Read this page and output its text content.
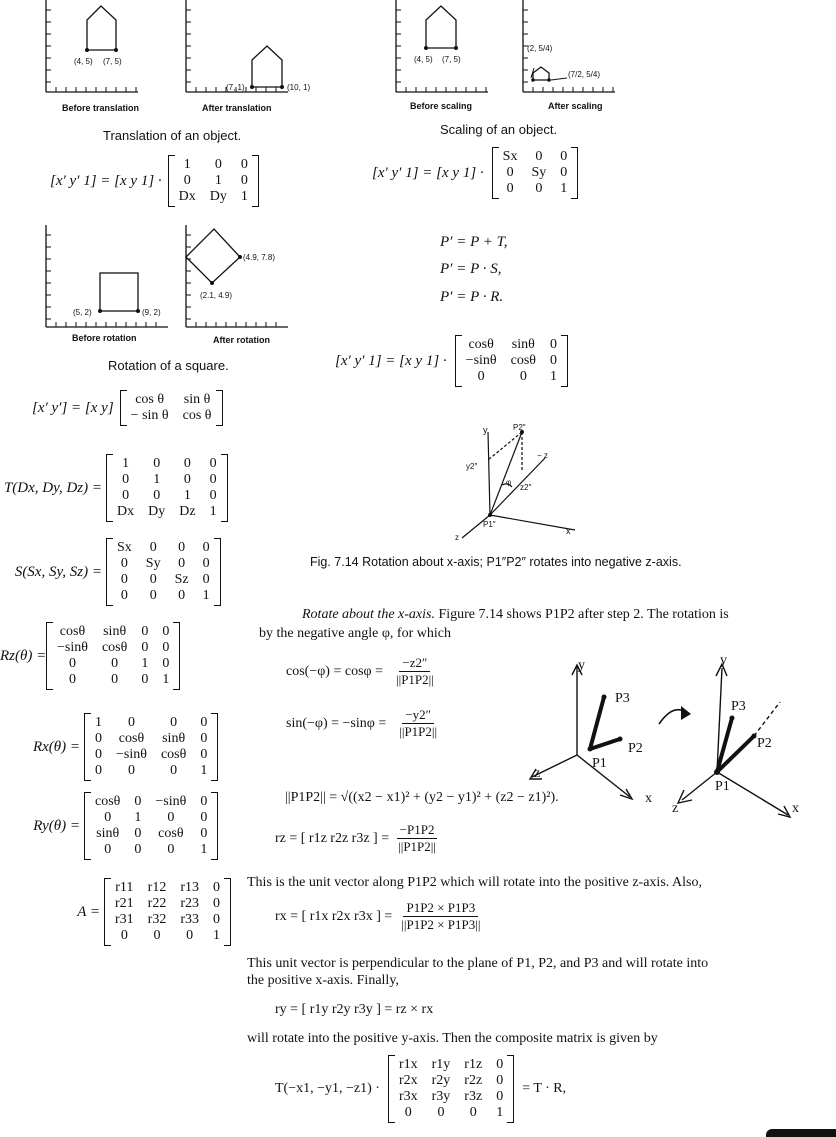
(4, 5) (7, 5)
Before translation
(7, 1)	(10, 1)
After translation
Translation of an object.
[x′ y′ 1] = [x y 1] ·
1	0	0
0	1	0
Dx	Dy	1
(4, 5) (7, 5)
Before scaling
(2, 5/4)
(7/2, 5/4)
After scaling
Scaling of an object.
[x′ y′ 1] = [x y 1] ·
Sx	0	0
0	Sy	0
0	0	1
(5, 2)	(9, 2)
Before rotation
(4.9, 7.8)
(2.1, 4.9)
After rotation
Rotation of a square.
[x′ y′] = [x y] cos θ	sin θ
− sin θ	cos θ
P′ = P + T,
P′ = P · S,
P′ = P · R.
[x′ y′ 1] = [x y 1] ·
cosθ	sinθ	0
−sinθ	cosθ	0
0	0	1
T(Dx, Dy, Dz) =
1	0	0	0
0	1	0	0
0	0	1	0
Dx	Dy	Dz	1
S(Sx, Sy, Sz) =
Sx	0	0	0
0	Sy	0	0
0	0	Sz	0
0	0	0	1
Rz(θ) =
cosθ	sinθ	0	0
−sinθ	cosθ	0	0
0	0	1	0
0	0	0	1
Rx(θ) =
1	0	0	0
0	cosθ	sinθ	0
0	−sinθ	cosθ	0
0	0	0	1
Ry(θ) =
cosθ	0	−sinθ	0
0	1	0	0
sinθ	0	cosθ	0
0	0	0	1
A =
r11	r12	r13	0
r21	r22	r23	0
r31	r32	r33	0
0	0	0	1
y	P2″
− z
y2″
φ
z2″
P1″
z
x
Fig. 7.14 Rotation about x-axis; P1″P2″ rotates into negative z-axis.
Rotate about the x-axis. Figure 7.14 shows P1P2 after step 2. The rotation is
by the negative angle φ, for which
$\cos(-\varphi) = \cos\varphi = \frac{-z2''}{||P1P2||}$
$\sin(-\varphi) = -\sin\varphi = \frac{-y2''}{||P1P2||}$
||P1P2|| = √((x2 − x1)² + (y2 − y1)² + (z2 − z1)²).
rz = [ r1z r2z r3z ] = $\frac{-P1P2}{||P1P2||}$
This is the unit vector along P1P2 which will rotate into the positive z-axis. Also,
rx = [ r1x r2x r3x ] = $\frac{P1P2 \times P1P3}{||P1P2 \times P1P3||}$
This unit vector is perpendicular to the plane of P1, P2, and P3 and will rotate into
the positive x-axis. Finally,
ry = [ r1y r2y r3y ] = rz × rx
will rotate into the positive y-axis. Then the composite matrix is given by
T(−x1, −y1, −z1) ·
r1x	r1y	r1z	0
r2x	r2y	r2z	0
r3x	r3y	r3z	0
0	0	0	1
= T · R,
y
P3
P2
P1
z
x
y
P3
P2
P1
z	x
